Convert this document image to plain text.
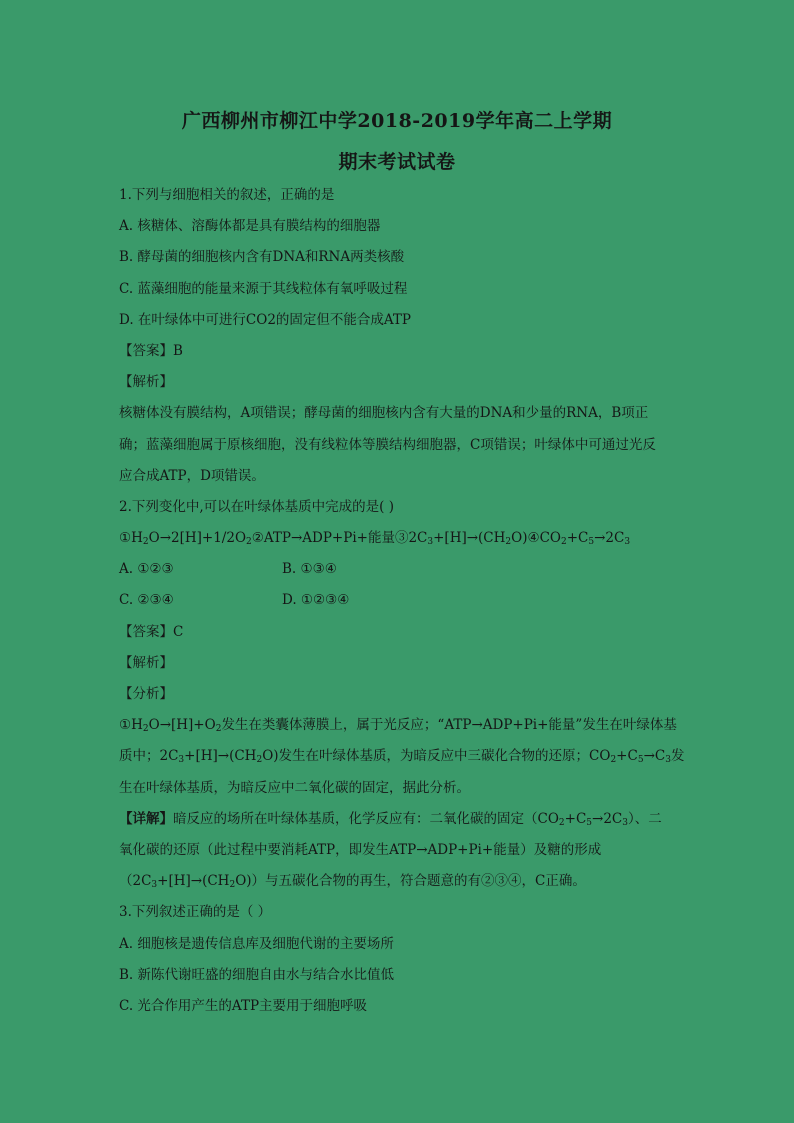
广西柳州市柳江中学2018-2019学年高二上学期
期末考试试卷
1.下列与细胞相关的叙述，正确的是
A. 核糖体、溶酶体都是具有膜结构的细胞器
B. 酵母菌的细胞核内含有DNA和RNA两类核酸
C. 蓝藻细胞的能量来源于其线粒体有氧呼吸过程
D. 在叶绿体中可进行CO2的固定但不能合成ATP
【答案】B
【解析】
核糖体没有膜结构，A项错误；酵母菌的细胞核内含有大量的DNA和少量的RNA，B项正
确；蓝藻细胞属于原核细胞，没有线粒体等膜结构细胞器，C项错误；叶绿体中可通过光反
应合成ATP，D项错误。
2.下列变化中,可以在叶绿体基质中完成的是( )
$①H_2O\to 2[H]+1/2O_2②ATP\to ADP+Pi+$能量$③2C_3+[H]\to(CH_2O)④CO_2+C_5\to 2C_3$
A. ①②③	B. ①③④
C. ②③④	D. ①②③④
【答案】C
【解析】
【分析】
$①H_2O\to[H]+O_2$发生在类囊体薄膜上，属于光反应；“ATP→ADP+Pi+能量”发生在叶绿体基
质中；$2C_3+[H]\to(CH_2O)$发生在叶绿体基质，为暗反应中三碳化合物的还原；$CO_2+C_5\to C_3$发
生在叶绿体基质，为暗反应中二氧化碳的固定，据此分析。
【详解】暗反应的场所在叶绿体基质，化学反应有：二氧化碳的固定$(CO_2+C_5\to 2C_3)$、二
氧化碳的还原（此过程中要消耗ATP，即发生ATP→ADP+Pi+能量）及糖的形成
$(2C_3+[H]\to(CH_2O))$与五碳化合物的再生，符合题意的有②③④，C正确。
3.下列叙述正确的是（ ）
A. 细胞核是遗传信息库及细胞代谢的主要场所
B. 新陈代谢旺盛的细胞自由水与结合水比值低
C. 光合作用产生的ATP主要用于细胞呼吸
